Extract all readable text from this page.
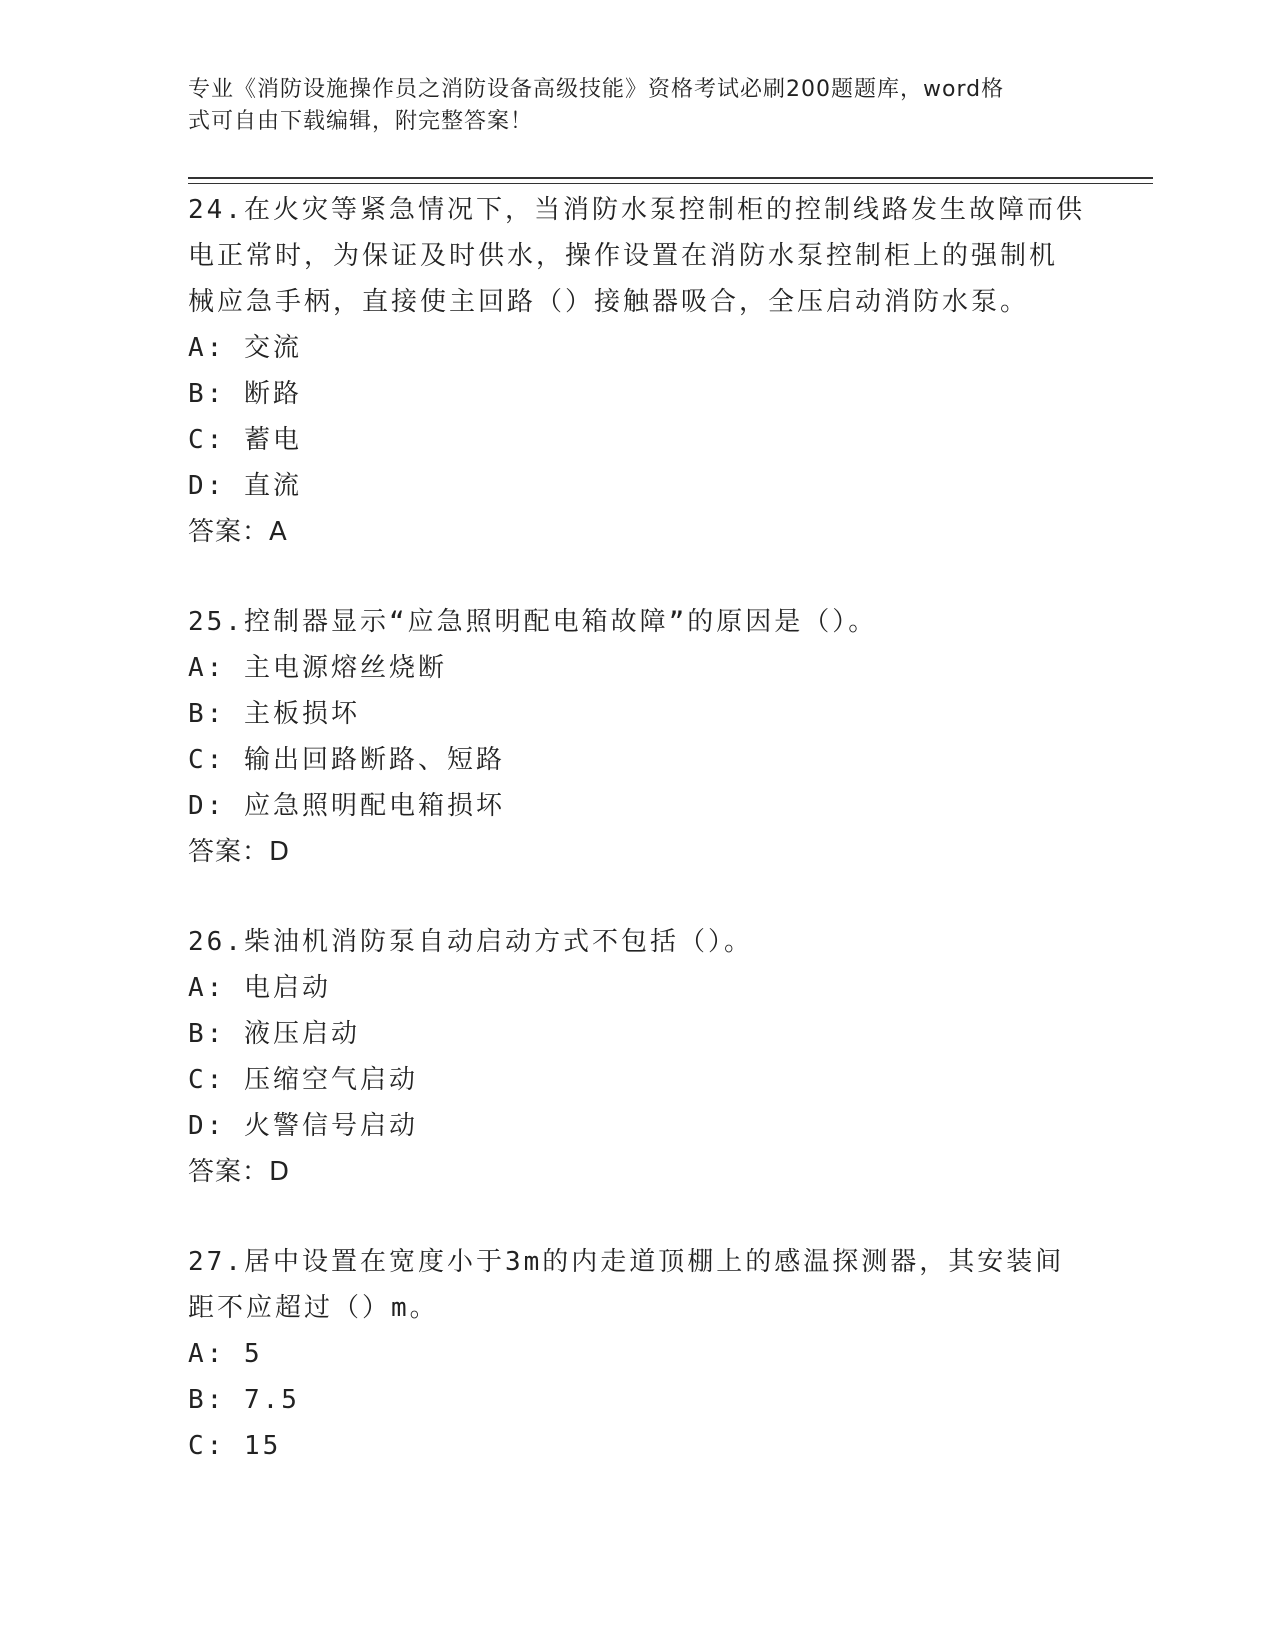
专业《消防设施操作员之消防设备高级技能》资格考试必刷200题题库，word格
式可自由下载编辑，附完整答案！
24.在火灾等紧急情况下，当消防水泵控制柜的控制线路发生故障而供
电正常时，为保证及时供水，操作设置在消防水泵控制柜上的强制机
械应急手柄，直接使主回路（）接触器吸合，全压启动消防水泵。
A: 交流
B: 断路
C: 蓄电
D: 直流
答案：A
25.控制器显示“应急照明配电箱故障”的原因是（）。
A: 主电源熔丝烧断
B: 主板损坏
C: 输出回路断路、短路
D: 应急照明配电箱损坏
答案：D
26.柴油机消防泵自动启动方式不包括（）。
A: 电启动
B: 液压启动
C: 压缩空气启动
D: 火警信号启动
答案：D
27.居中设置在宽度小于3m的内走道顶棚上的感温探测器，其安装间
距不应超过（）m。
A: 5
B: 7.5
C: 15
